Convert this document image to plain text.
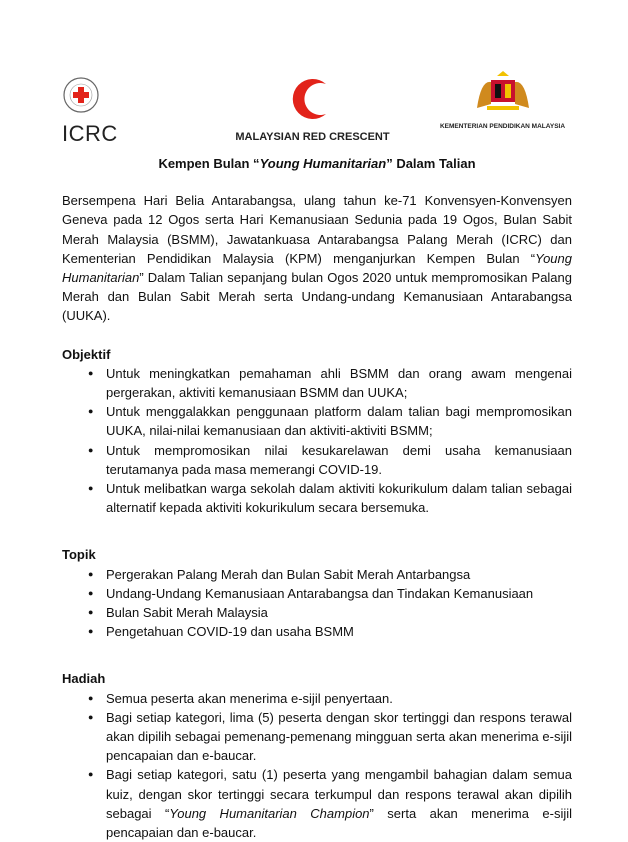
ICRC	MALAYSIAN RED CRESCENT
KEMENTERIAN PENDIDIKAN MALAYSIA
Kempen Bulan “Young Humanitarian” Dalam Talian

Bersempena Hari Belia Antarabangsa, ulang tahun ke-71 Konvensyen-Konvensyen Geneva pada 12 Ogos serta Hari Kemanusiaan Sedunia pada 19 Ogos, Bulan Sabit Merah Malaysia (BSMM), Jawatankuasa Antarabangsa Palang Merah (ICRC) dan Kementerian Pendidikan Malaysia (KPM) menganjurkan Kempen Bulan “Young Humanitarian” Dalam Talian sepanjang bulan Ogos 2020 untuk mempromosikan Palang Merah dan Bulan Sabit Merah serta Undang-undang Kemanusiaan Antarabangsa (UUKA).

Objektif
● Untuk meningkatkan pemahaman ahli BSMM dan orang awam mengenai pergerakan, aktiviti kemanusiaan BSMM dan UUKA;
● Untuk menggalakkan penggunaan platform dalam talian bagi mempromosikan UUKA, nilai-nilai kemanusiaan dan aktiviti-aktiviti BSMM;
● Untuk mempromosikan nilai kesukarelawan demi usaha kemanusiaan terutamanya pada masa memerangi COVID-19.
● Untuk melibatkan warga sekolah dalam aktiviti kokurikulum dalam talian sebagai alternatif kepada aktiviti kokurikulum secara bersemuka.
Topik
● Pergerakan Palang Merah dan Bulan Sabit Merah Antarbangsa
● Undang-Undang Kemanusiaan Antarabangsa dan Tindakan Kemanusiaan
● Bulan Sabit Merah Malaysia
● Pengetahuan COVID-19 dan usaha BSMM
Hadiah
● Semua peserta akan menerima e-sijil penyertaan.
● Bagi setiap kategori, lima (5) peserta dengan skor tertinggi dan respons terawal akan dipilih sebagai pemenang-pemenang mingguan serta akan menerima e-sijil pencapaian dan e-baucar.
● Bagi setiap kategori, satu (1) peserta yang mengambil bahagian dalam semua kuiz, dengan skor tertinggi secara terkumpul dan respons terawal akan dipilih sebagai “Young Humanitarian Champion” serta akan menerima e-sijil pencapaian dan e-baucar.
